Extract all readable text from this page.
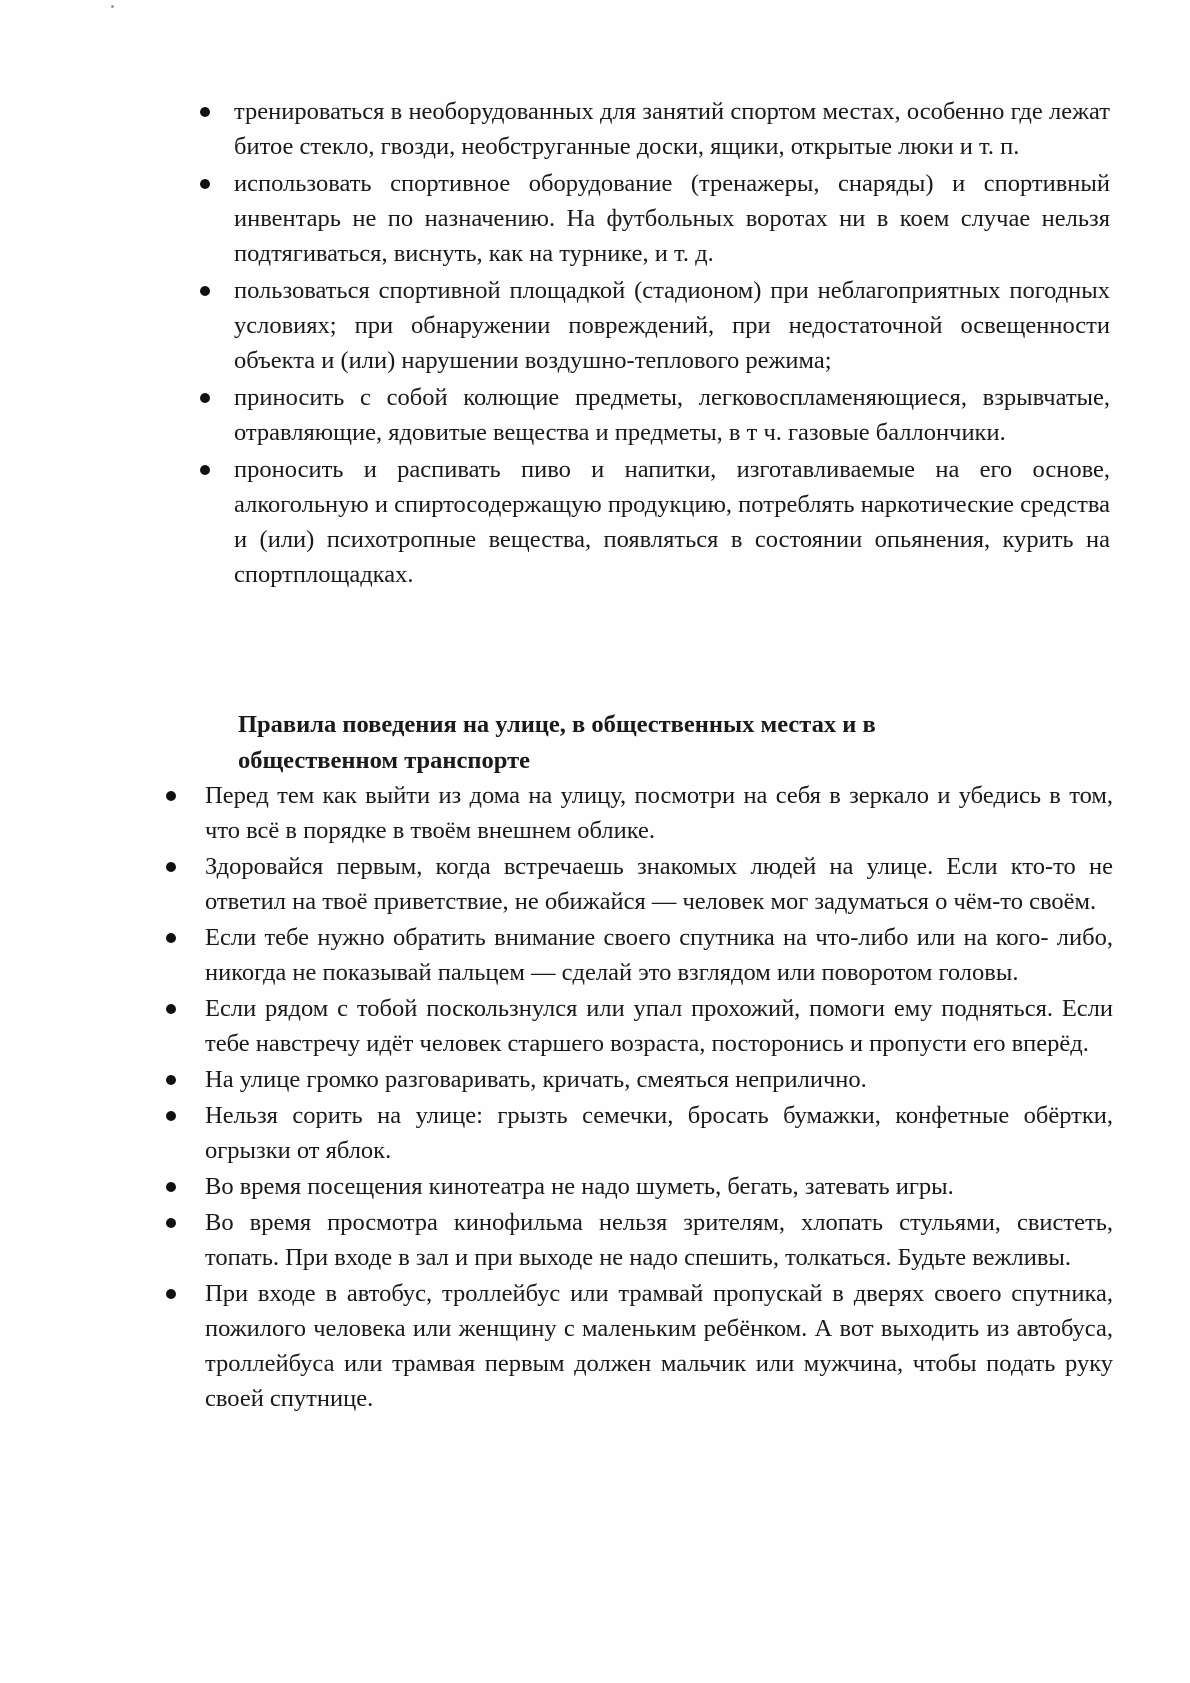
тренироваться в необорудованных для занятий спортом местах, особенно где лежат битое стекло, гвозди, необструганные доски, ящики, открытые люки и т. п.
использовать спортивное оборудование (тренажеры, снаряды) и спортивный инвентарь не по назначению. На футбольных воротах ни в коем случае нельзя подтягиваться, виснуть, как на турнике, и т. д.
пользоваться спортивной площадкой (стадионом) при неблагоприятных погодных условиях; при обнаружении повреждений, при недостаточной освещенности объекта и (или) нарушении воздушно-теплового режима;
приносить с собой колющие предметы, легковоспламеняющиеся, взрывчатые, отравляющие, ядовитые вещества и предметы, в т ч. газовые баллончики.
проносить и распивать пиво и напитки, изготавливаемые на его основе, алкогольную и спиртосодержащую продукцию, потреблять наркотические средства и (или) психотропные вещества, появляться в состоянии опьянения, курить на спортплощадках.
Правила поведения на улице, в общественных местах и в
общественном транспорте
Перед тем как выйти из дома на улицу, посмотри на себя в зеркало и убедись в том, что всё в порядке в твоём внешнем облике.
Здоровайся первым, когда встречаешь знакомых людей на улице. Если кто-то не ответил на твоё приветствие, не обижайся — человек мог задуматься о чём-то своём.
Если тебе нужно обратить внимание своего спутника на что-либо или на кого- либо, никогда не показывай пальцем — сделай это взглядом или поворотом головы.
Если рядом с тобой поскользнулся или упал прохожий, помоги ему подняться. Если тебе навстречу идёт человек старшего возраста, посторонись и пропусти его вперёд.
На улице громко разговаривать, кричать, смеяться неприлично.
Нельзя сорить на улице: грызть семечки, бросать бумажки, конфетные обёртки, огрызки от яблок.
Во время посещения кинотеатра не надо шуметь, бегать, затевать игры.
Во время просмотра кинофильма нельзя зрителям, хлопать стульями, свистеть, топать. При входе в зал и при выходе не надо спешить, толкаться. Будьте вежливы.
При входе в автобус, троллейбус или трамвай пропускай в дверях своего спутника, пожилого человека или женщину с маленьким ребёнком. А вот выходить из автобуса, троллейбуса или трамвая первым должен мальчик или мужчина, чтобы подать руку своей спутнице.
